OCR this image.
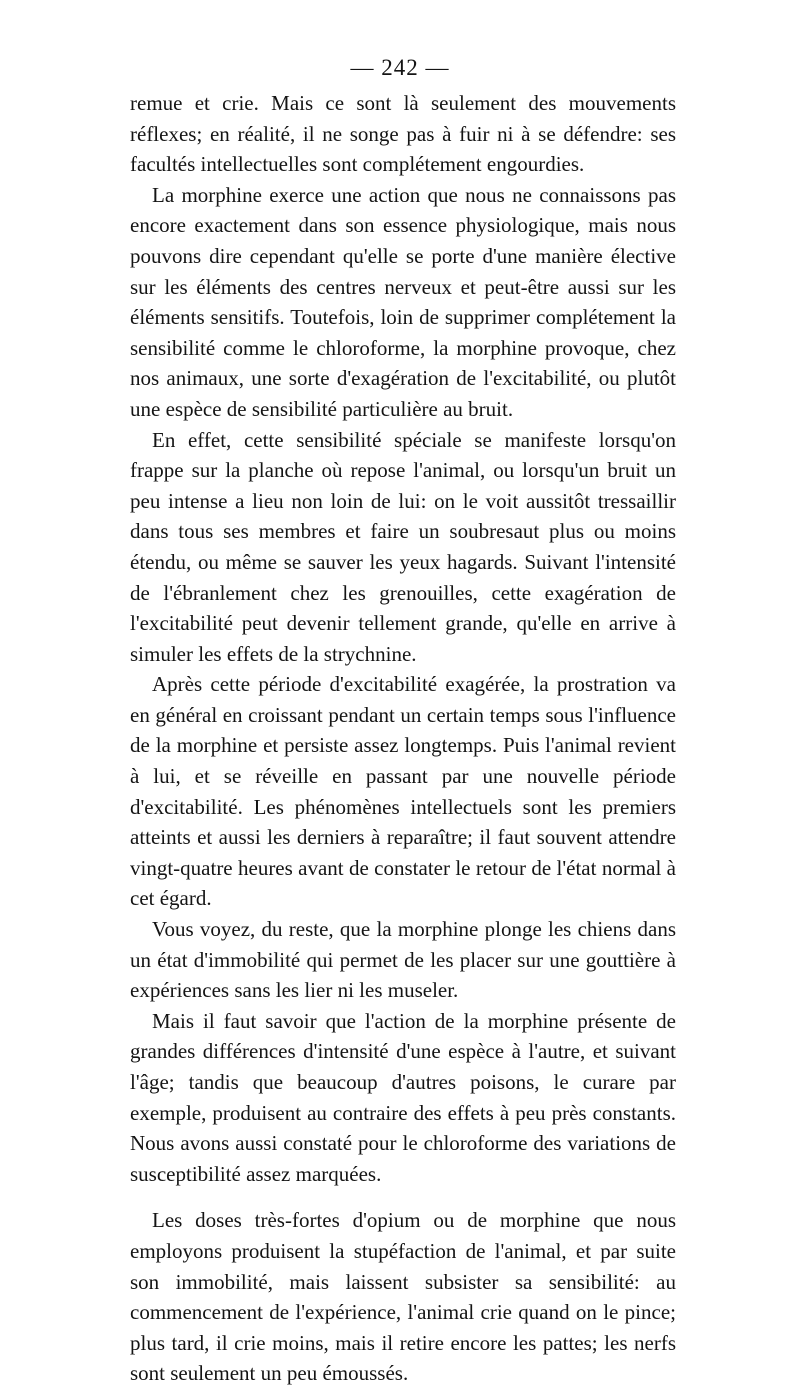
— 242 —

remue et crie. Mais ce sont là seulement des mouvements réflexes; en réalité, il ne songe pas à fuir ni à se défendre: ses facultés intellectuelles sont complétement engourdies.

La morphine exerce une action que nous ne connaissons pas encore exactement dans son essence physiologique, mais nous pouvons dire cependant qu'elle se porte d'une manière élective sur les éléments des centres nerveux et peut-être aussi sur les éléments sensitifs. Toutefois, loin de supprimer complétement la sensibilité comme le chloroforme, la morphine provoque, chez nos animaux, une sorte d'exagération de l'excitabilité, ou plutôt une espèce de sensibilité particulière au bruit.

En effet, cette sensibilité spéciale se manifeste lorsqu'on frappe sur la planche où repose l'animal, ou lorsqu'un bruit un peu intense a lieu non loin de lui: on le voit aussitôt tressaillir dans tous ses membres et faire un soubresaut plus ou moins étendu, ou même se sauver les yeux hagards. Suivant l'intensité de l'ébranlement chez les grenouilles, cette exagération de l'excitabilité peut devenir tellement grande, qu'elle en arrive à simuler les effets de la strychnine.

Après cette période d'excitabilité exagérée, la prostration va en général en croissant pendant un certain temps sous l'influence de la morphine et persiste assez longtemps. Puis l'animal revient à lui, et se réveille en passant par une nouvelle période d'excitabilité. Les phénomènes intellectuels sont les premiers atteints et aussi les derniers à reparaître; il faut souvent attendre vingt-quatre heures avant de constater le retour de l'état normal à cet égard.

Vous voyez, du reste, que la morphine plonge les chiens dans un état d'immobilité qui permet de les placer sur une gouttière à expériences sans les lier ni les museler.

Mais il faut savoir que l'action de la morphine présente de grandes différences d'intensité d'une espèce à l'autre, et suivant l'âge; tandis que beaucoup d'autres poisons, le curare par exemple, produisent au contraire des effets à peu près constants. Nous avons aussi constaté pour le chloroforme des variations de susceptibilité assez marquées.

Les doses très-fortes d'opium ou de morphine que nous employons produisent la stupéfaction de l'animal, et par suite son immobilité, mais laissent subsister sa sensibilité: au commencement de l'expérience, l'animal crie quand on le pince; plus tard, il crie moins, mais il retire encore les pattes; les nerfs sont seulement un peu émoussés.
